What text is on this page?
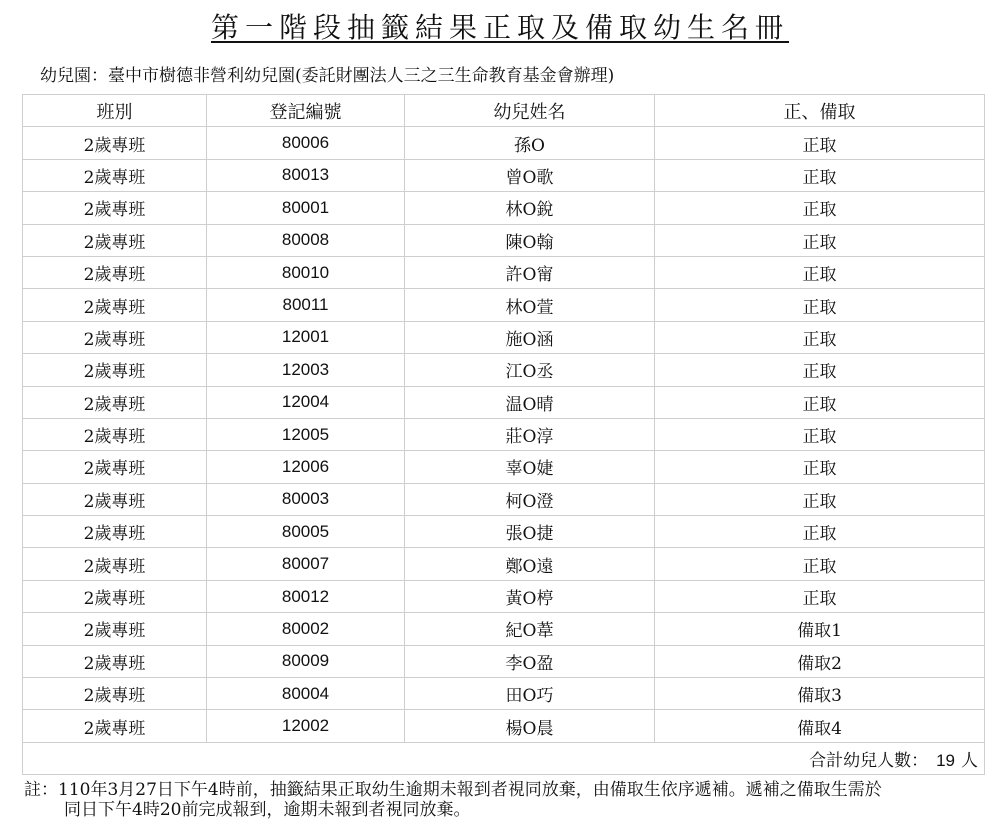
第一階段抽籤結果正取及備取幼生名冊
幼兒園：臺中市樹德非營利幼兒園(委託財團法人三之三生命教育基金會辦理)
班別	登記編號	幼兒姓名	正、備取
2歲專班	80006	孫O	正取
2歲專班	80013	曾O歌	正取
2歲專班	80001	林O銳	正取
2歲專班	80008	陳O翰	正取
2歲專班	80010	許O甯	正取
2歲專班	80011	林O萱	正取
2歲專班	12001	施O涵	正取
2歲專班	12003	江O丞	正取
2歲專班	12004	温O晴	正取
2歲專班	12005	莊O淳	正取
2歲專班	12006	辜O婕	正取
2歲專班	80003	柯O澄	正取
2歲專班	80005	張O捷	正取
2歲專班	80007	鄭O遠	正取
2歲專班	80012	黃O楟	正取
2歲專班	80002	紀O葦	備取1
2歲專班	80009	李O盈	備取2
2歲專班	80004	田O巧	備取3
2歲專班	12002	楊O晨	備取4
合計幼兒人數： 19 人			
註：110年3月27日下午4時前，抽籤結果正取幼生逾期未報到者視同放棄，由備取生依序遞補。遞補之備取生需於
同日下午4時20前完成報到，逾期未報到者視同放棄。
